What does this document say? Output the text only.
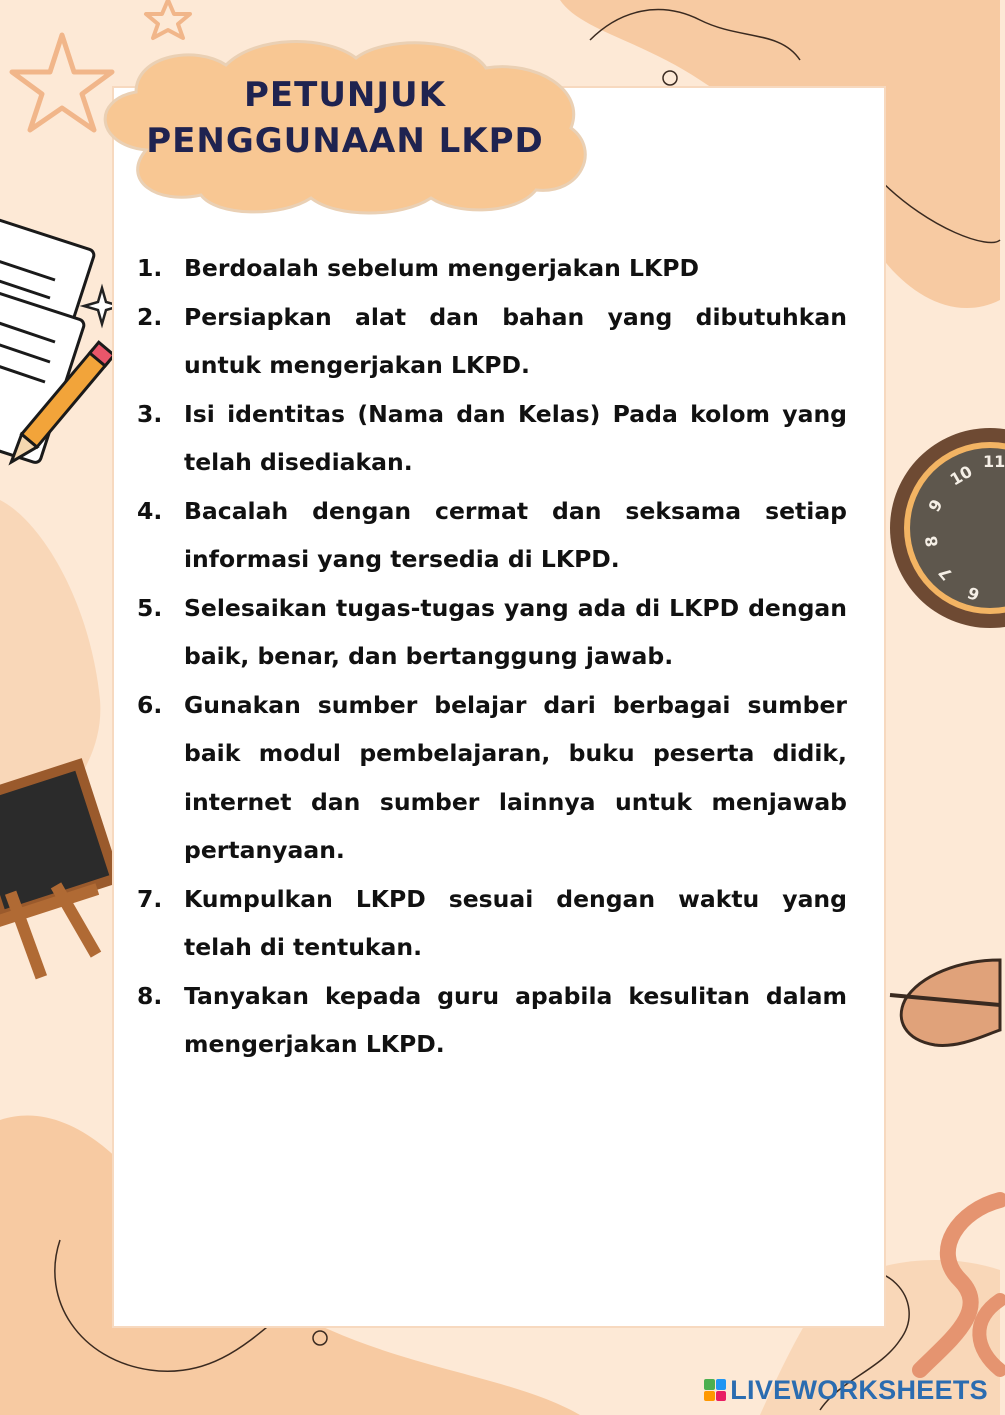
11
10
9
8
7
6
PETUNJUK
PENGGUNAAN LKPD
1. Berdoalah sebelum mengerjakan LKPD
2. Persiapkan alat dan bahan yang dibutuhkan untuk mengerjakan LKPD.
3. Isi identitas (Nama dan Kelas) Pada kolom yang telah disediakan.
4. Bacalah dengan cermat dan seksama setiap informasi yang tersedia di LKPD.
5. Selesaikan tugas-tugas yang ada di LKPD dengan baik, benar, dan bertanggung jawab.
6. Gunakan sumber belajar dari berbagai sumber baik modul pembelajaran, buku peserta didik, internet dan sumber lainnya untuk menjawab pertanyaan.
7. Kumpulkan LKPD sesuai dengan waktu yang telah di tentukan.
8. Tanyakan kepada guru apabila kesulitan dalam mengerjakan LKPD.
LIVEWORKSHEETS
